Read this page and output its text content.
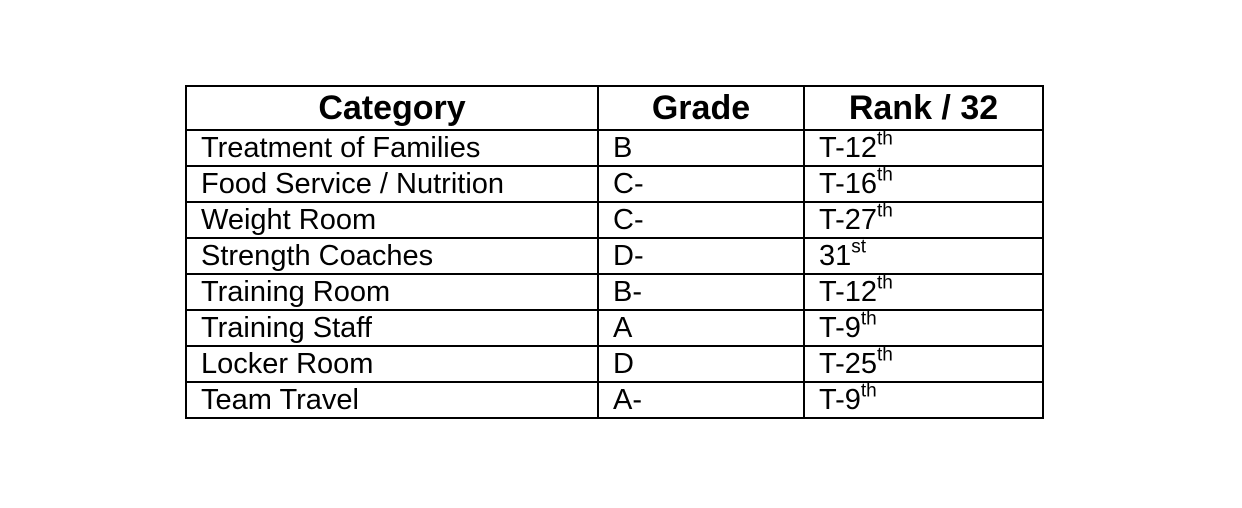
Category	Grade	Rank / 32
Treatment of Families	B	T-12th
Food Service / Nutrition	C-	T-16th
Weight Room	C-	T-27th
Strength Coaches	D-	31st
Training Room	B-	T-12th
Training Staff	A	T-9th
Locker Room	D	T-25th
Team Travel	A-	T-9th
